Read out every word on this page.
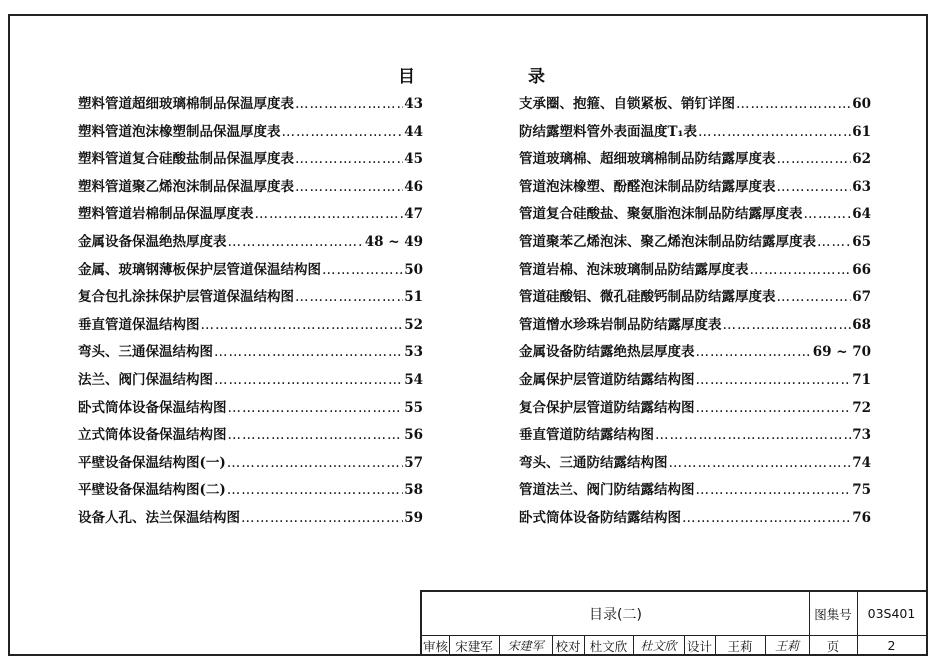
目	录
塑料管道超细玻璃棉制品保温厚度表 …………………………………………………………………………………………	43
塑料管道泡沫橡塑制品保温厚度表 …………………………………………………………………………………………	44
塑料管道复合硅酸盐制品保温厚度表 …………………………………………………………………………………………	45
塑料管道聚乙烯泡沫制品保温厚度表 …………………………………………………………………………………………	46
塑料管道岩棉制品保温厚度表 …………………………………………………………………………………………	47
金属设备保温绝热厚度表 …………………………………………………………………………………………	48 ~ 49
金属、玻璃钢薄板保护层管道保温结构图 …………………………………………………………………………………………	50
复合包扎涂抹保护层管道保温结构图 …………………………………………………………………………………………	51
垂直管道保温结构图 …………………………………………………………………………………………	52
弯头、三通保温结构图 …………………………………………………………………………………………	53
法兰、阀门保温结构图 …………………………………………………………………………………………	54
卧式筒体设备保温结构图 …………………………………………………………………………………………	55
立式筒体设备保温结构图 …………………………………………………………………………………………	56
平壁设备保温结构图(一) …………………………………………………………………………………………	57
平壁设备保温结构图(二) …………………………………………………………………………………………	58
设备人孔、法兰保温结构图 …………………………………………………………………………………………	59
支承圈、抱箍、自锁紧板、销钉详图 …………………………………………………………………………………………	60
防结露塑料管外表面温度T₁表 …………………………………………………………………………………………	61
管道玻璃棉、超细玻璃棉制品防结露厚度表 …………………………………………………………………………………………	62
管道泡沫橡塑、酚醛泡沫制品防结露厚度表 …………………………………………………………………………………………	63
管道复合硅酸盐、聚氨脂泡沫制品防结露厚度表 …………………………………………………………………………………………	64
管道聚苯乙烯泡沫、聚乙烯泡沫制品防结露厚度表 …………………………………………………………………………………………	65
管道岩棉、泡沫玻璃制品防结露厚度表 …………………………………………………………………………………………	66
管道硅酸铝、微孔硅酸钙制品防结露厚度表 …………………………………………………………………………………………	67
管道憎水珍珠岩制品防结露厚度表 …………………………………………………………………………………………	68
金属设备防结露绝热层厚度表 …………………………………………………………………………………………	69 ~ 70
金属保护层管道防结露结构图 …………………………………………………………………………………………	71
复合保护层管道防结露结构图 …………………………………………………………………………………………	72
垂直管道防结露结构图 …………………………………………………………………………………………	73
弯头、三通防结露结构图 …………………………………………………………………………………………	74
管道法兰、阀门防结露结构图 …………………………………………………………………………………………	75
卧式筒体设备防结露结构图 …………………………………………………………………………………………	76
目录(二)	图集号	03S401
审核 宋建军	宋建军 校对 杜文欣	杜文欣 设计	王莉	王莉	页	2
